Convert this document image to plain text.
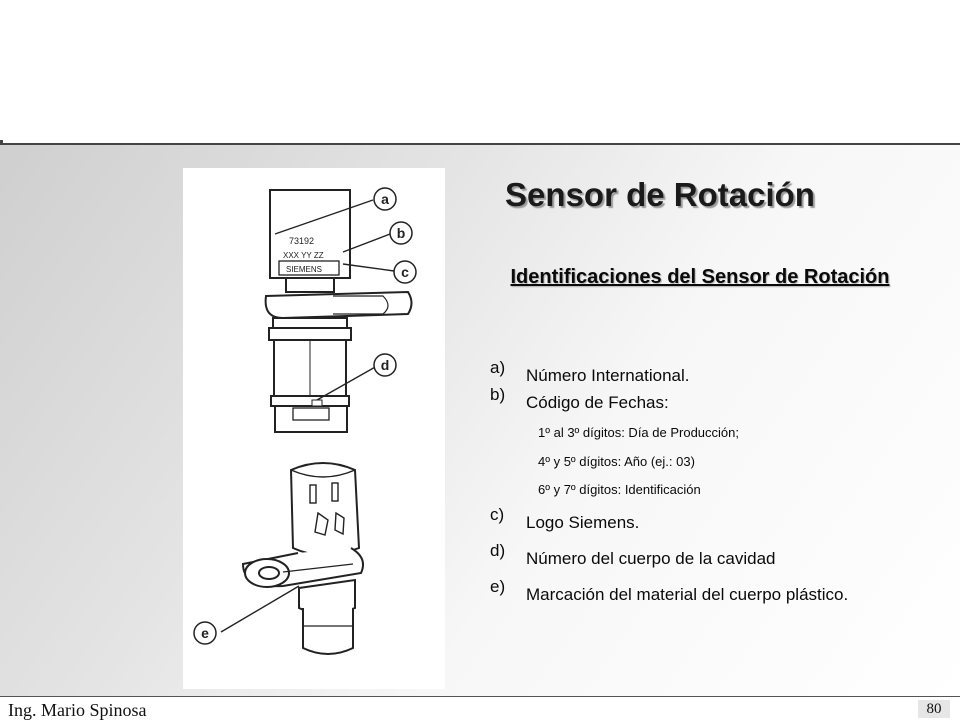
73192
XXX YY ZZ
SIEMENS
a
b
c
d
e
Sensor de Rotación
Identificaciones del Sensor de Rotación
a)	Número International.
b)	Código de Fechas:
1º al 3º dígitos: Día de Producción;
4º y 5º dígitos: Año (ej.: 03)
6º y 7º dígitos: Identificación
c)	Logo Siemens.
d)	Número del cuerpo de la cavidad
e)	Marcación del material del cuerpo plástico.
Ing. Mario Spinosa	80
